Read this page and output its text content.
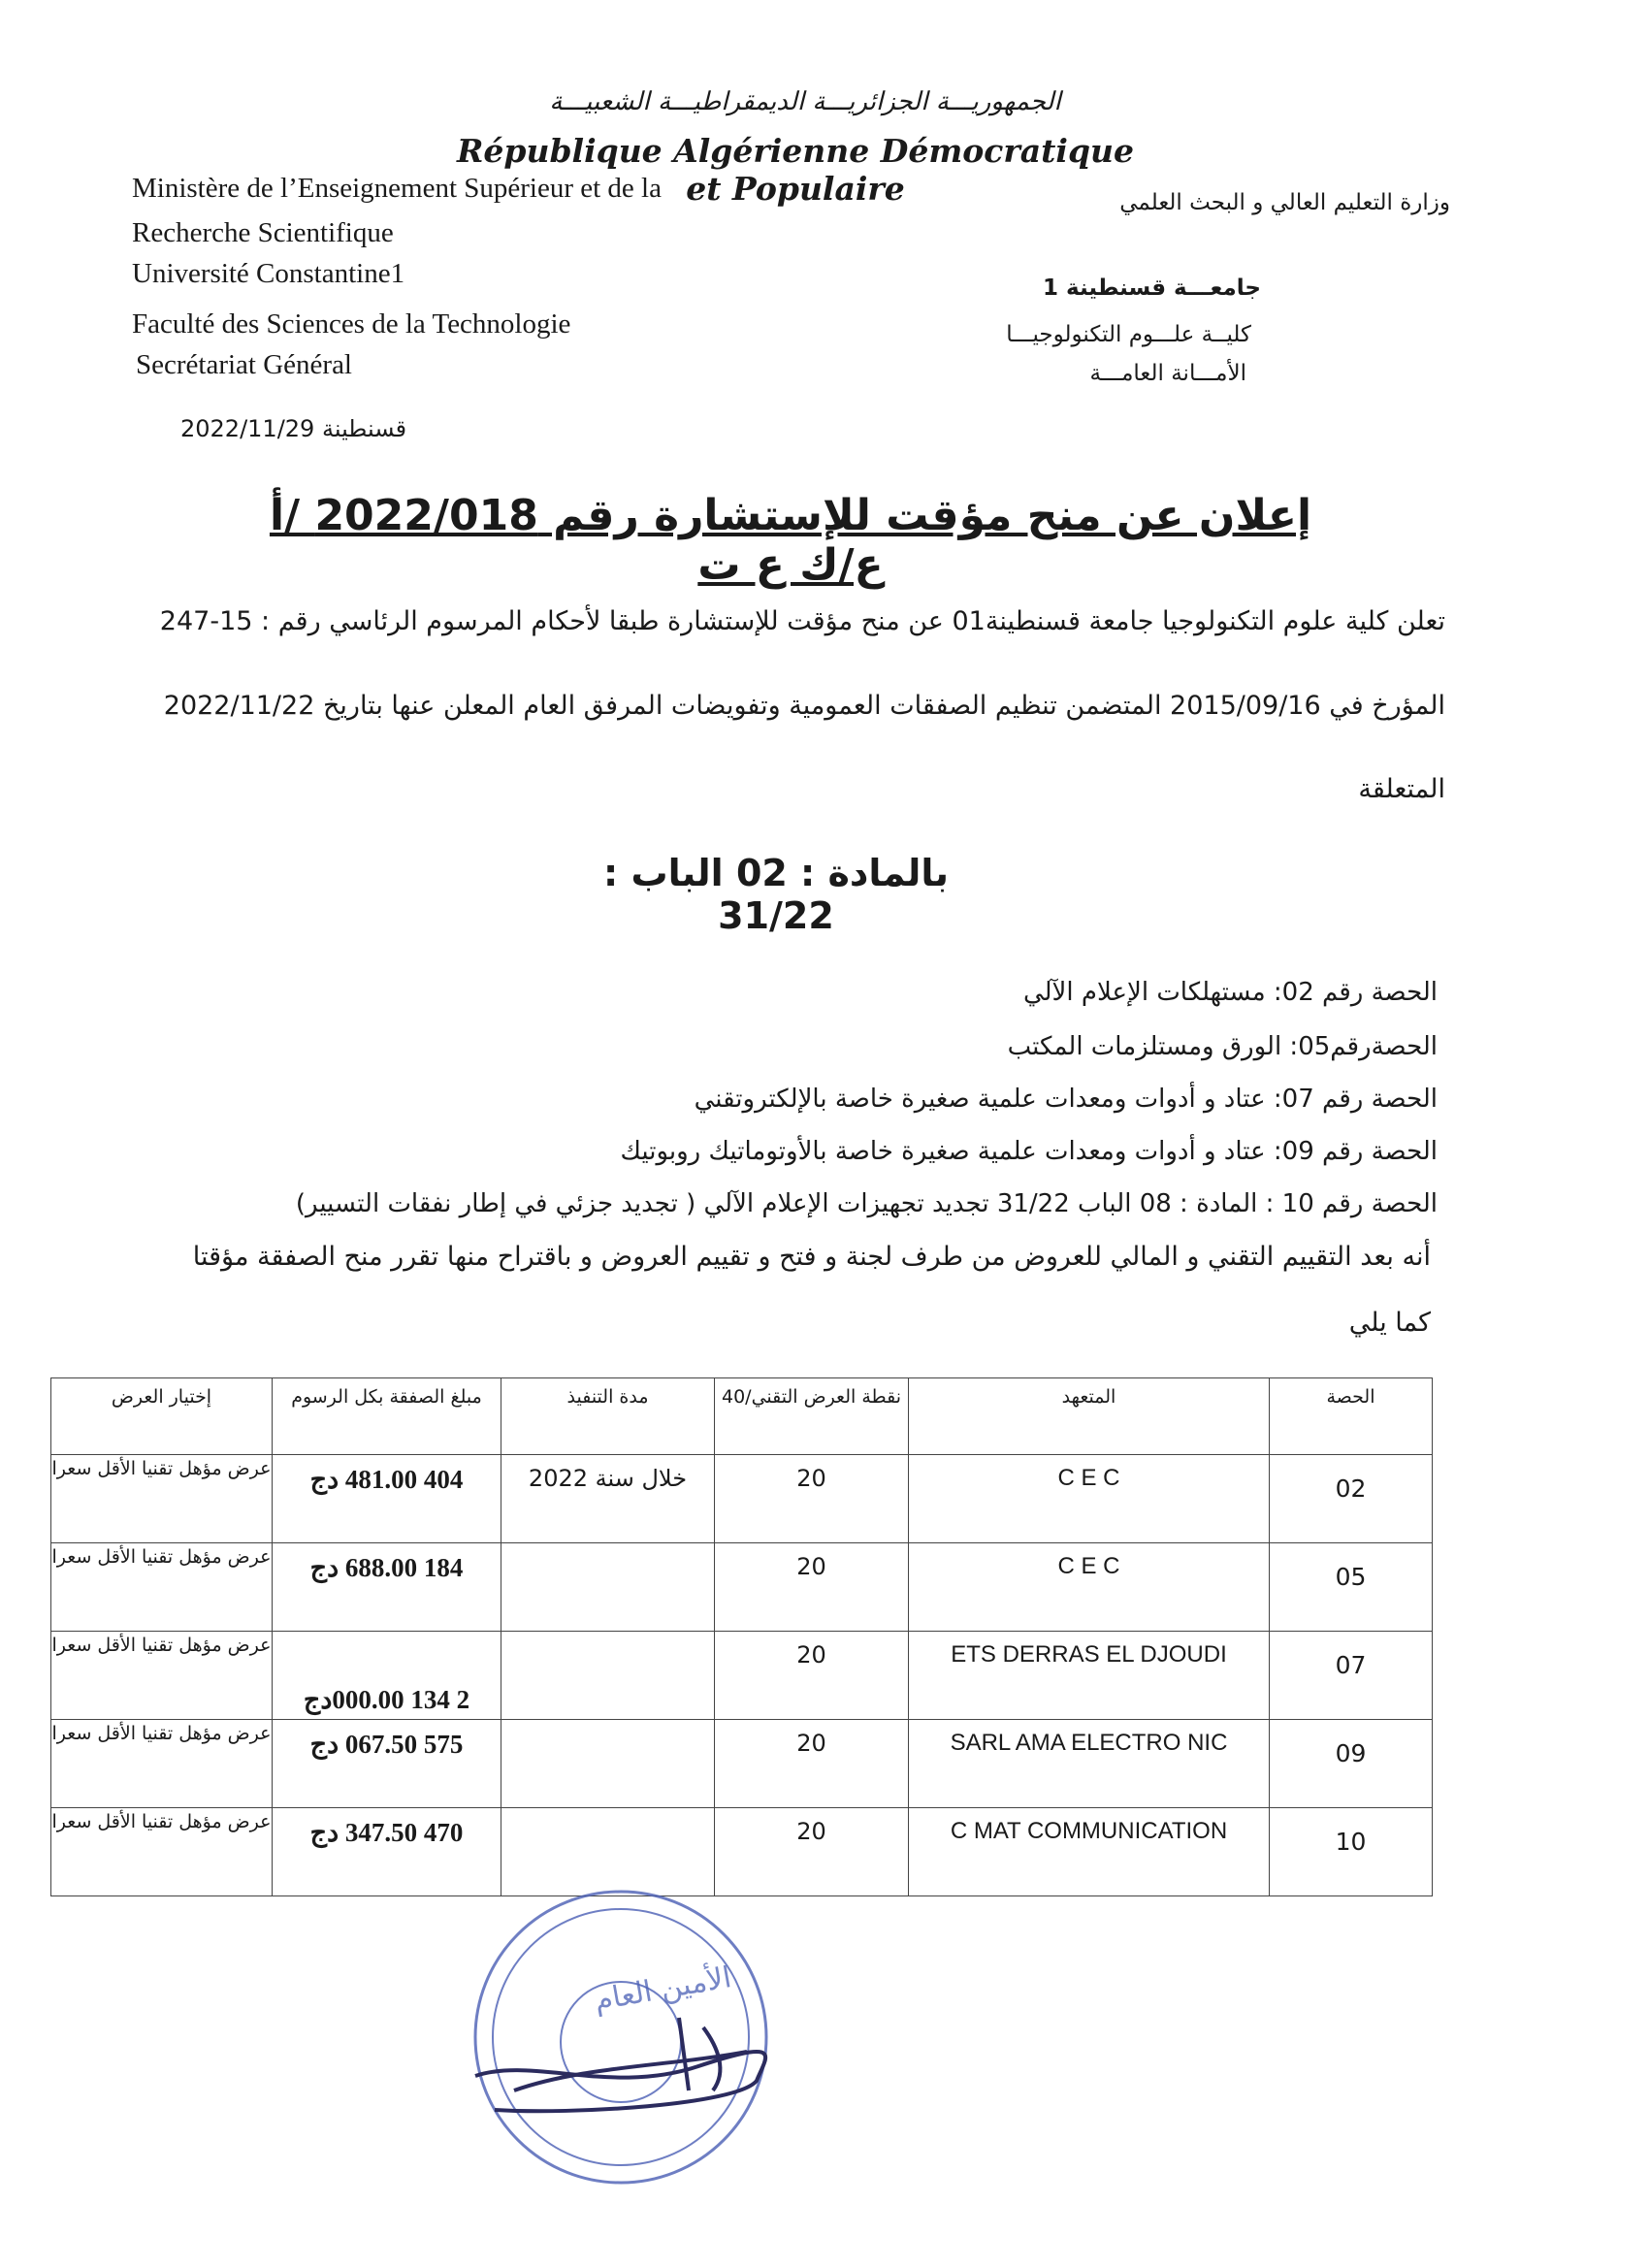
الجمهوريـــة الجزائريـــة الديمقراطيـــة الشعبيـــة
République Algérienne Démocratique et Populaire
Ministère de l’Enseignement Supérieur et de la
Recherche Scientifique
Université Constantine1
Faculté des Sciences de la Technologie
Secrétariat Général
وزارة التعليم العالي و البحث العلمي
جامعـــة قسنطينة 1
كليــة علـــوم التكنولوجيـــا
الأمـــانة العامـــة
قسنطينة 2022/11/29
إعلان عن منح مؤقت للإستشارة رقم 2022/018 /أ ع/ك ع ت
تعلن كلية علوم التكنولوجيا جامعة قسنطينة01 عن منح مؤقت للإستشارة طبقا لأحكام المرسوم الرئاسي رقم : 15-247
المؤرخ في 2015/09/16 المتضمن تنظيم الصفقات العمومية وتفويضات المرفق العام المعلن عنها بتاريخ 2022/11/22
المتعلقة
بالمادة : 02 الباب : 31/22
الحصة رقم 02: مستهلكات الإعلام الآلي
الحصةرقم05: الورق ومستلزمات المكتب
الحصة رقم 07: عتاد و أدوات ومعدات علمية صغيرة خاصة بالإلكتروتقني
الحصة رقم 09: عتاد و أدوات ومعدات علمية صغيرة خاصة بالأوتوماتيك روبوتيك
الحصة رقم 10 : المادة : 08 الباب 31/22 تجديد تجهيزات الإعلام الآلي ( تجديد جزئي في إطار نفقات التسيير)
أنه بعد التقييم التقني و المالي للعروض من طرف لجنة و فتح و تقييم العروض و باقتراح منها تقرر منح الصفقة مؤقتا
كما يلي
إختيار العرض	مبلغ الصفقة بكل الرسوم	مدة التنفيذ	نقطة العرض التقني/40	المتعهد	الحصة
عرض مؤهل تقنيا الأقل سعرا	404 481.00 دج	خلال سنة 2022	20	C E C	02
عرض مؤهل تقنيا الأقل سعرا	184 688.00 دج		20	C E C	05
عرض مؤهل تقنيا الأقل سعرا	2 134 000.00دج		20	ETS DERRAS EL DJOUDI	07
عرض مؤهل تقنيا الأقل سعرا	575 067.50 دج		20	SARL AMA ELECTRO NIC	09
عرض مؤهل تقنيا الأقل سعرا	470 347.50 دج		20	C MAT COMMUNICATION	10
الأمين العام
